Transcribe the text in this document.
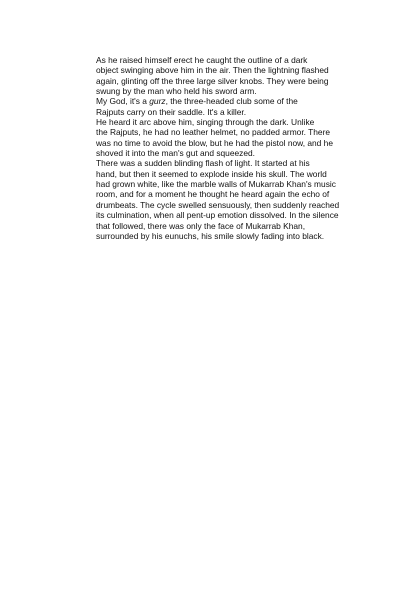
As he raised himself erect he caught the outline of a dark
object swinging above him in the air. Then the lightning flashed
again, glinting off the three large silver knobs. They were being
swung by the man who held his sword arm.

My God, it's a gurz, the three-headed club some of the
Rajputs carry on their saddle. It's a killer.

He heard it arc above him, singing through the dark. Unlike
the Rajputs, he had no leather helmet, no padded armor. There
was no time to avoid the blow, but he had the pistol now, and he
shoved it into the man's gut and squeezed.

There was a sudden blinding flash of light. It started at his
hand, but then it seemed to explode inside his skull. The world
had grown white, like the marble walls of Mukarrab Khan's music
room, and for a moment he thought he heard again the echo of
drumbeats. The cycle swelled sensuously, then suddenly reached
its culmination, when all pent-up emotion dissolved. In the silence
that followed, there was only the face of Mukarrab Khan,
surrounded by his eunuchs, his smile slowly fading into black.
